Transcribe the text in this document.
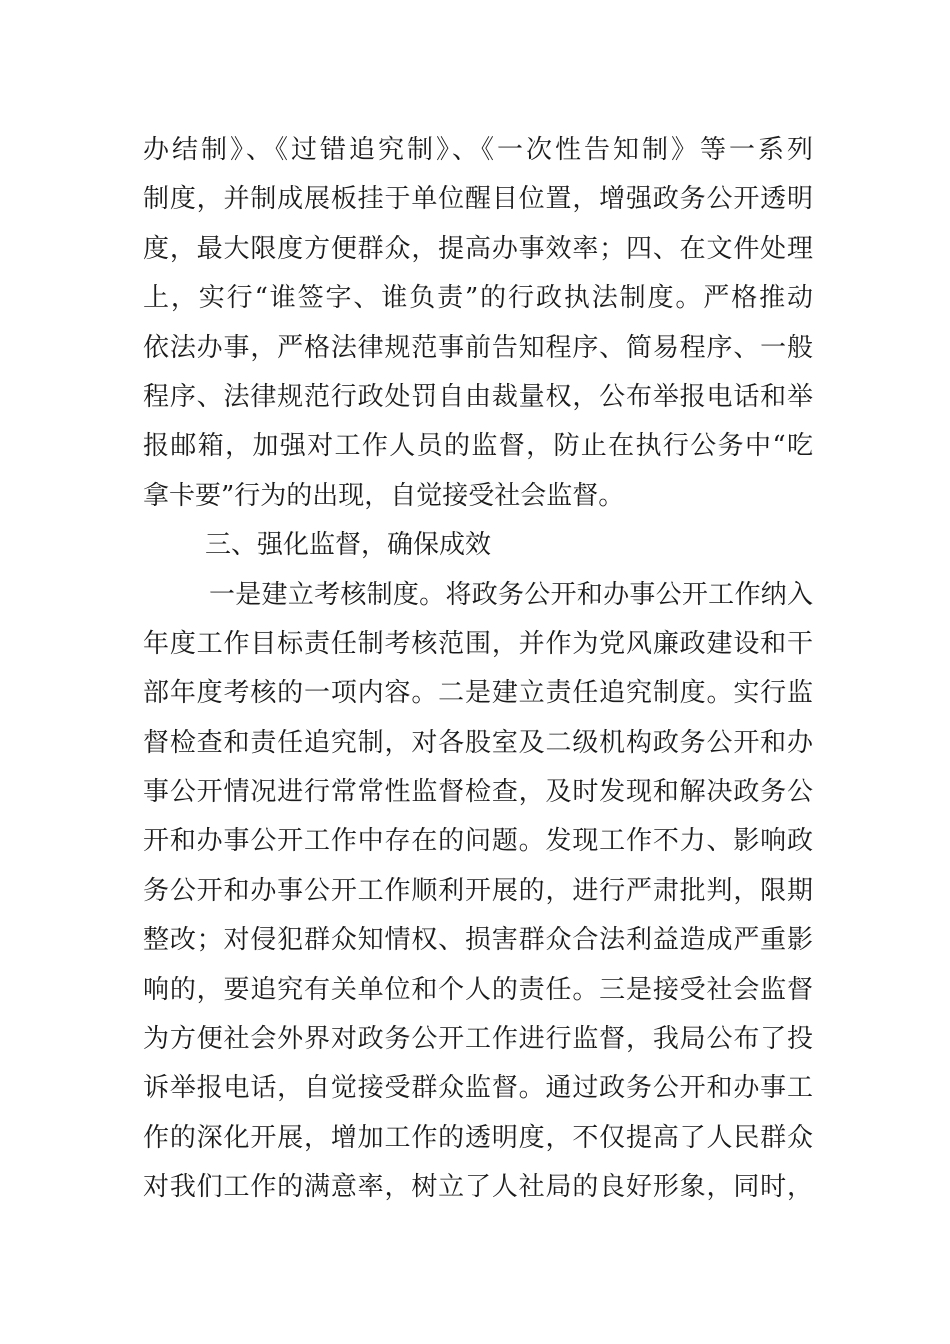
办结制》、《过错追究制》、《一次性告知制》等一系列
制度，并制成展板挂于单位醒目位置，增强政务公开透明
度，最大限度方便群众，提高办事效率；四、在文件处理
上，实行“谁签字、谁负责”的行政执法制度。严格推动
依法办事，严格法律规范事前告知程序、简易程序、一般
程序、法律规范行政处罚自由裁量权，公布举报电话和举
报邮箱，加强对工作人员的监督，防止在执行公务中“吃
拿卡要”行为的出现，自觉接受社会监督。
三、强化监督，确保成效
一是建立考核制度。将政务公开和办事公开工作纳入
年度工作目标责任制考核范围，并作为党风廉政建设和干
部年度考核的一项内容。二是建立责任追究制度。实行监
督检查和责任追究制，对各股室及二级机构政务公开和办
事公开情况进行常常性监督检查，及时发现和解决政务公
开和办事公开工作中存在的问题。发现工作不力、影响政
务公开和办事公开工作顺利开展的，进行严肃批判，限期
整改；对侵犯群众知情权、损害群众合法利益造成严重影
响的，要追究有关单位和个人的责任。三是接受社会监督
为方便社会外界对政务公开工作进行监督，我局公布了投
诉举报电话，自觉接受群众监督。通过政务公开和办事工
作的深化开展，增加工作的透明度，不仅提高了人民群众
对我们工作的满意率，树立了人社局的良好形象，同时，
